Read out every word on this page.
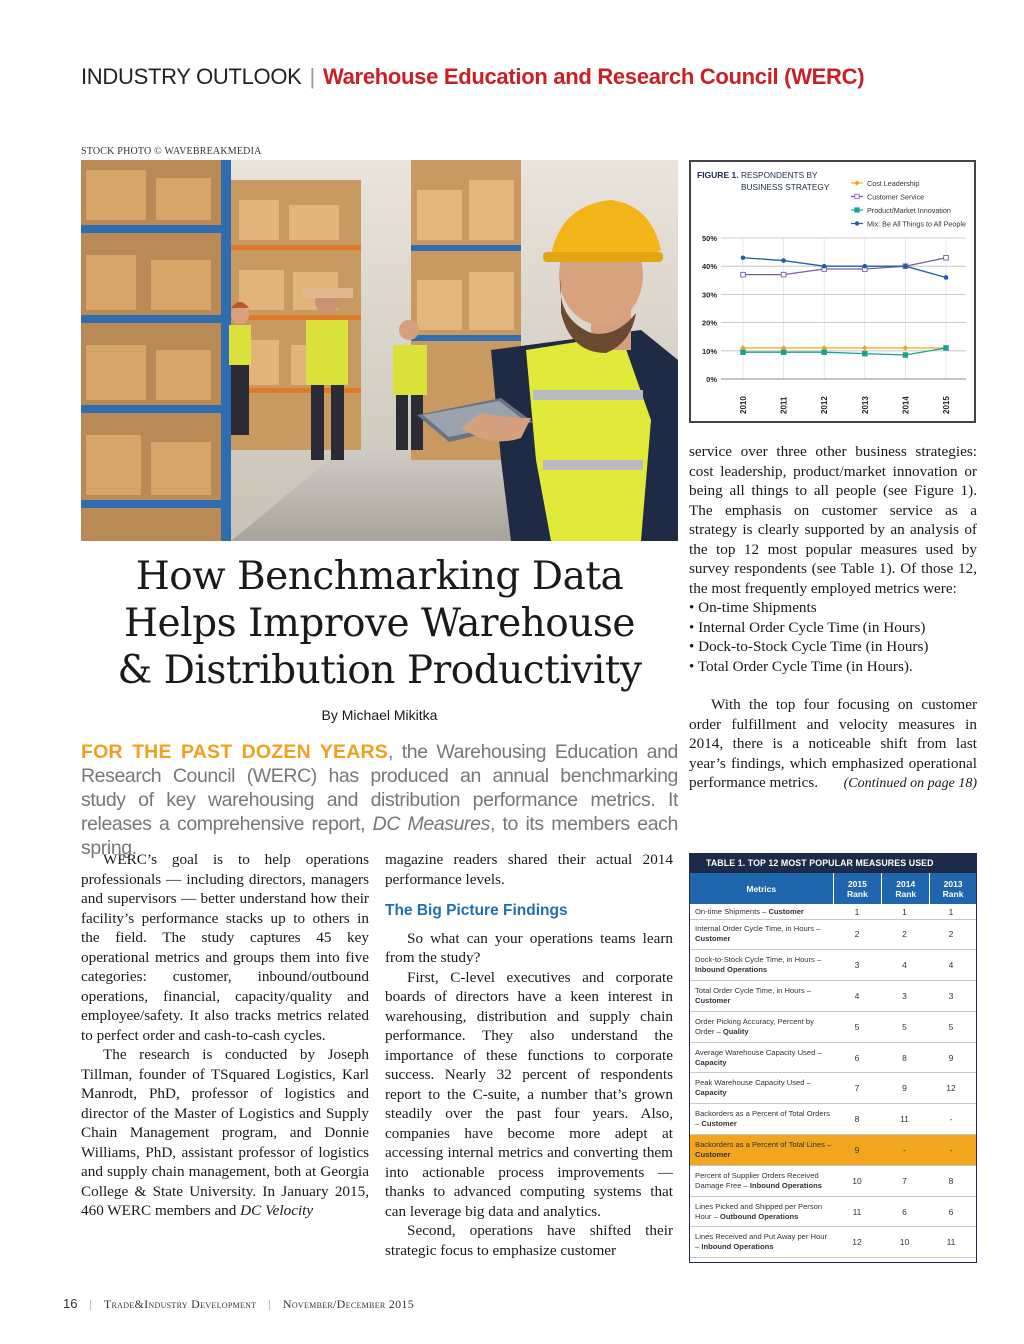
INDUSTRY OUTLOOK | Warehouse Education and Research Council (WERC)
STOCK PHOTO © WAVEBREAKMEDIA
How Benchmarking Data
Helps Improve Warehouse
& Distribution Productivity
By Michael Mikitka
FOR THE PAST DOZEN YEARS, the Warehousing Education and Research Council (WERC) has produced an annual benchmarking study of key warehousing and distribution performance metrics. It releases a comprehensive report, DC Measures, to its members each spring.

WERC’s goal is to help operations professionals — including directors, managers and supervisors — better understand how their facility’s performance stacks up to others in the field. The study captures 45 key operational metrics and groups them into five categories: customer, inbound/outbound operations, financial, capacity/quality and employee/safety. It also tracks metrics related to perfect order and cash-to-cash cycles.

The research is conducted by Joseph Tillman, founder of TSquared Logistics, Karl Manrodt, PhD, professor of logistics and director of the Master of Logistics and Supply Chain Management program, and Donnie Williams, PhD, assistant professor of logistics and supply chain management, both at Georgia College & State University. In January 2015, 460 WERC members and DC Velocity

magazine readers shared their actual 2014 performance levels.

The Big Picture Findings

So what can your operations teams learn from the study?

First, C-level executives and corporate boards of directors have a keen interest in warehousing, distribution and supply chain performance. They also understand the importance of these functions to corporate success. Nearly 32 percent of respondents report to the C-suite, a number that’s grown steadily over the past four years. Also, companies have become more adept at accessing internal metrics and converting them into actionable process improvements — thanks to advanced computing systems that can leverage big data and analytics.

Second, operations have shifted their strategic focus to emphasize customer

FIGURE 1. RESPONDENTS BY
BUSINESS STRATEGY	Cost Leadership
Customer Service
Product/Market Innovation
Mix: Be All Things to All People
0%
10%
20%
30%
40%
50%
2010	2011	2012	2013	2014	2015

service over three other business strategies: cost leadership, product/market innovation or being all things to all people (see Figure 1). The emphasis on customer service as a strategy is clearly supported by an analysis of the top 12 most popular measures used by survey respondents (see Table 1). Of those 12, the most frequently employed metrics were:

• On-time Shipments
• Internal Order Cycle Time (in Hours)
• Dock-to-Stock Cycle Time (in Hours)
• Total Order Cycle Time (in Hours).

With the top four focusing on customer order fulfillment and velocity measures in 2014, there is a noticeable shift from last year’s findings, which emphasized operational performance metrics.	(Continued on page 18)
TABLE 1. TOP 12 MOST POPULAR MEASURES USED
Metrics	2015
Rank
2014
Rank
2013
Rank
On-time Shipments – Customer	1	1	1
Internal Order Cycle Time, in Hours – Customer	2	2	2
Dock-to-Stock Cycle Time, in Hours – Inbound Operations	3	4	4
Total Order Cycle Time, in Hours – Customer	4	3	3
Order Picking Accuracy, Percent by Order – Quality	5	5	5
Average Warehouse Capacity Used – Capacity	6	8	9
Peak Warehouse Capacity Used – Capacity	7	9	12
Backorders as a Percent of Total Orders – Customer	8	11	-
Backorders as a Percent of Total Lines – Customer	9	-	-
Percent of Supplier Orders Received Damage Free – Inbound Operations	10	7	8
Lines Picked and Shipped per Person Hour – Outbound Operations	11	6	6
Lines Received and Put Away per Hour – Inbound Operations	12	10	11
16 | Trade&Industry Development | November/December 2015
